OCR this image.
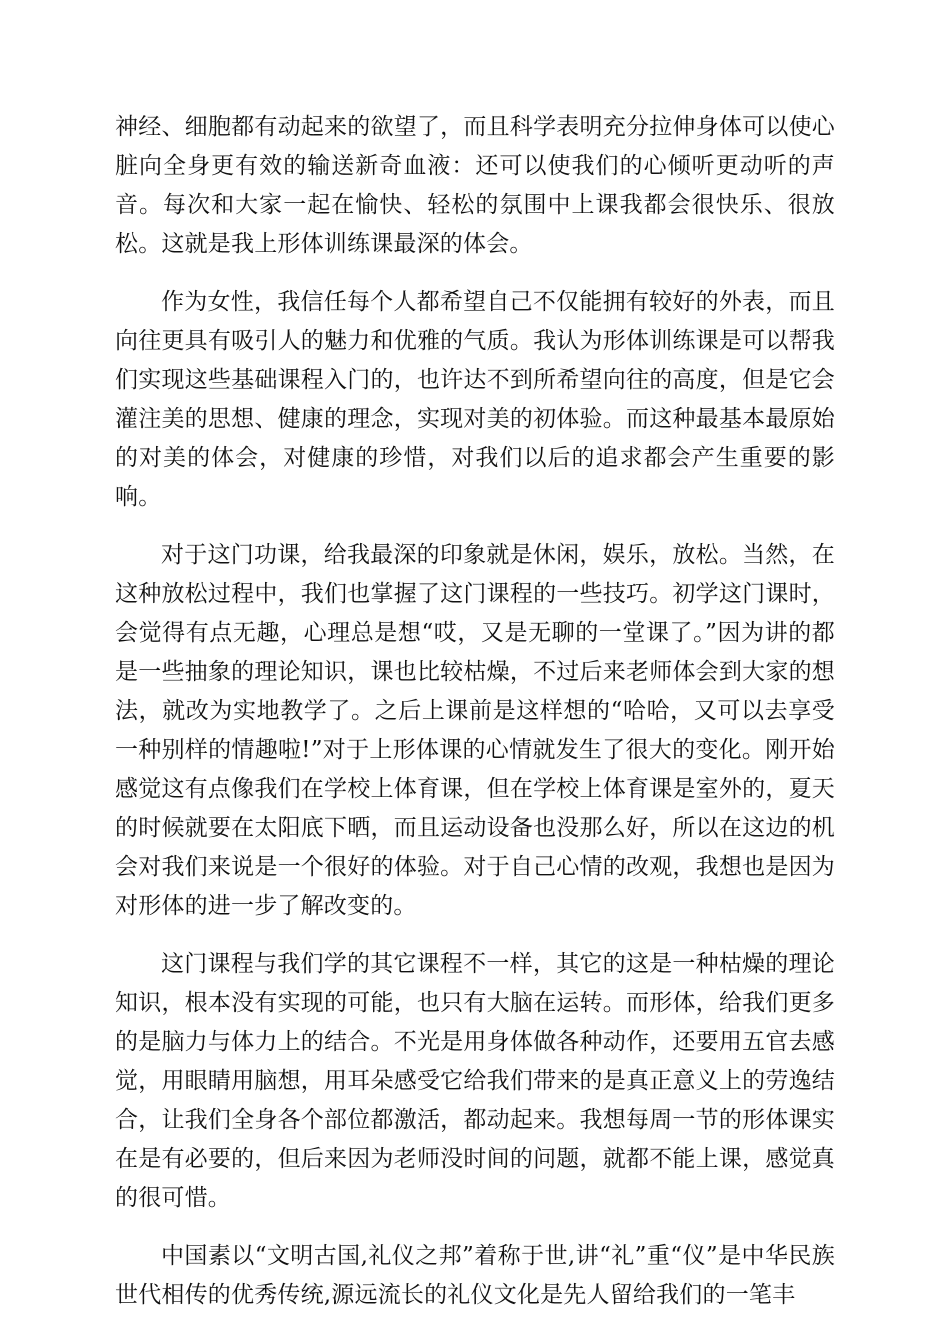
神经、细胞都有动起来的欲望了，而且科学表明充分拉伸身体可以使心脏向全身更有效的输送新奇血液：还可以使我们的心倾听更动听的声音。每次和大家一起在愉快、轻松的氛围中上课我都会很快乐、很放松。这就是我上形体训练课最深的体会。

作为女性，我信任每个人都希望自己不仅能拥有较好的外表，而且向往更具有吸引人的魅力和优雅的气质。我认为形体训练课是可以帮我们实现这些基础课程入门的，也许达不到所希望向往的高度，但是它会灌注美的思想、健康的理念，实现对美的初体验。而这种最基本最原始的对美的体会，对健康的珍惜，对我们以后的追求都会产生重要的影响。

对于这门功课，给我最深的印象就是休闲，娱乐，放松。当然，在这种放松过程中，我们也掌握了这门课程的一些技巧。初学这门课时，会觉得有点无趣，心理总是想“哎，又是无聊的一堂课了。”因为讲的都是一些抽象的理论知识，课也比较枯燥，不过后来老师体会到大家的想法，就改为实地教学了。之后上课前是这样想的“哈哈，又可以去享受一种别样的情趣啦!”对于上形体课的心情就发生了很大的变化。刚开始感觉这有点像我们在学校上体育课，但在学校上体育课是室外的，夏天的时候就要在太阳底下晒，而且运动设备也没那么好，所以在这边的机会对我们来说是一个很好的体验。对于自己心情的改观，我想也是因为对形体的进一步了解改变的。

这门课程与我们学的其它课程不一样，其它的这是一种枯燥的理论知识，根本没有实现的可能，也只有大脑在运转。而形体，给我们更多的是脑力与体力上的结合。不光是用身体做各种动作，还要用五官去感觉，用眼睛用脑想，用耳朵感受它给我们带来的是真正意义上的劳逸结合，让我们全身各个部位都激活，都动起来。我想每周一节的形体课实在是有必要的，但后来因为老师没时间的问题，就都不能上课，感觉真的很可惜。

中国素以“文明古国,礼仪之邦”着称于世,讲“礼”重“仪”是中华民族世代相传的优秀传统,源远流长的礼仪文化是先人留给我们的一笔丰
